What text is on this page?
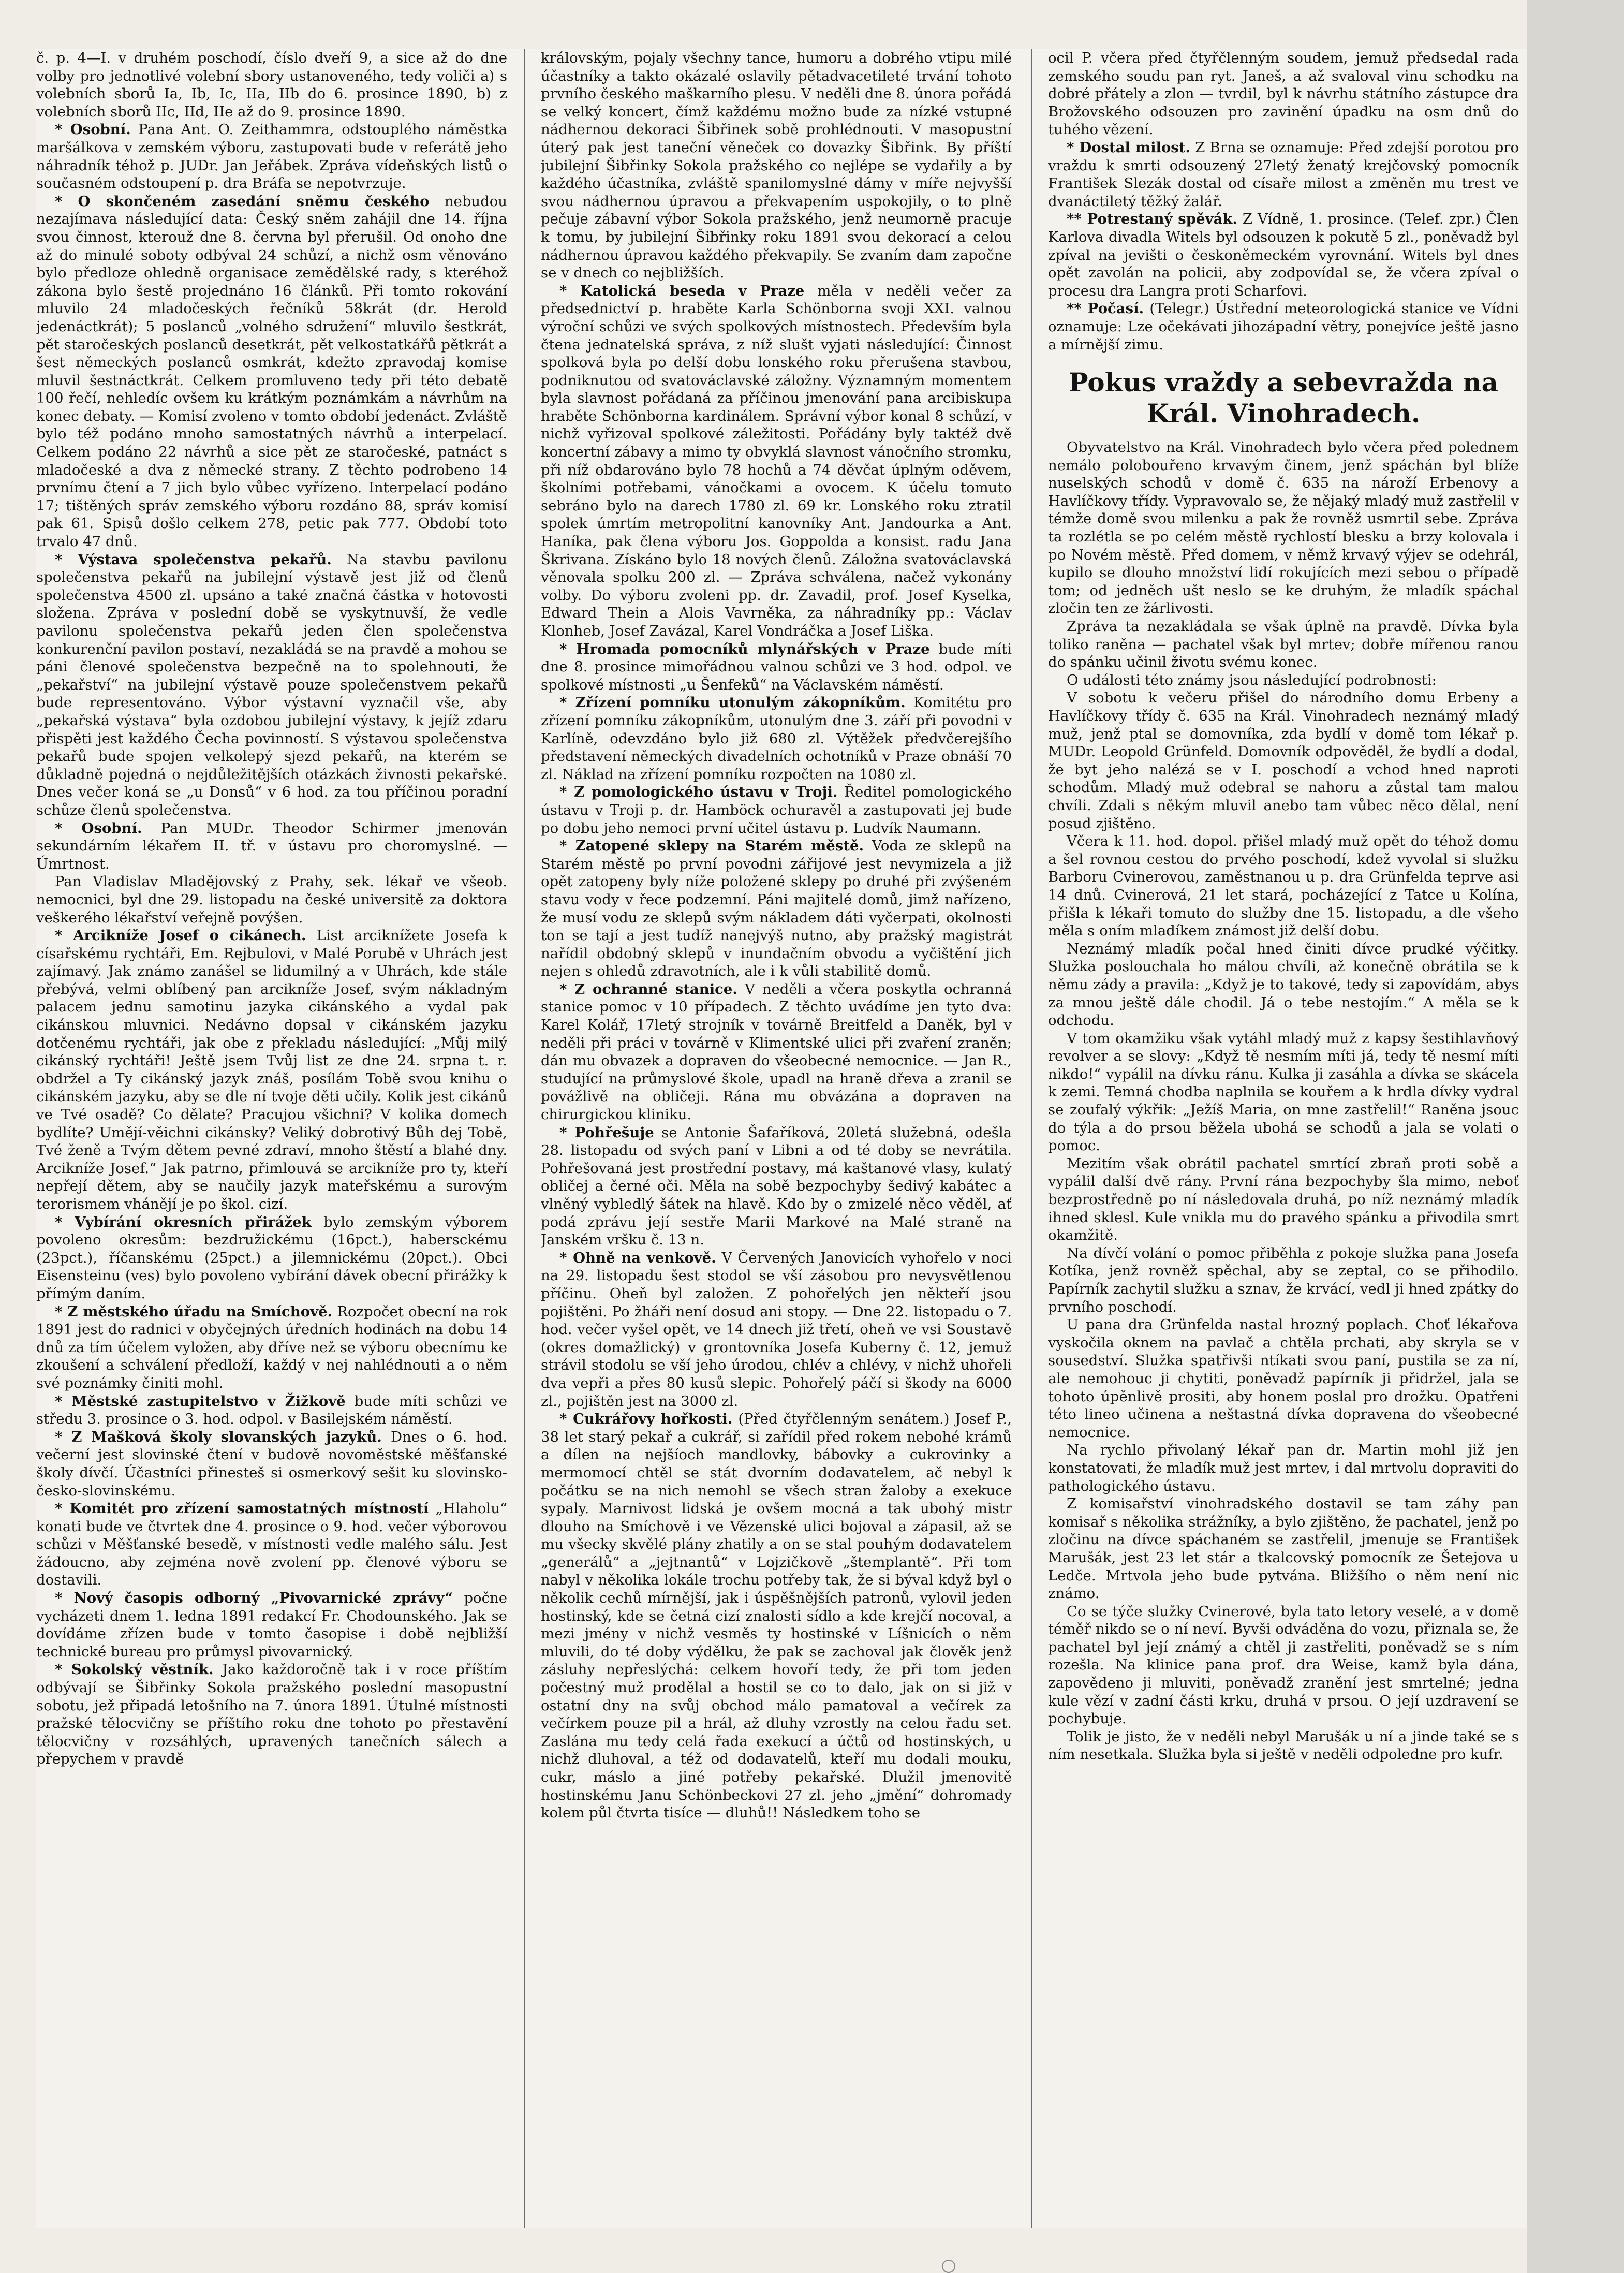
č. p. 4—I. v druhém poschodí, číslo dveří 9, a sice až do dne volby pro jednotlivé volební sbory ustanoveného, tedy voliči a) s volebních sborů Ia, Ib, Ic, IIa, IIb do 6. prosince 1890, b) z volebních sborů IIc, IId, IIe až do 9. prosince 1890.

* Osobní. Pana Ant. O. Zeithammra, odstouplého náměstka maršálkova v zemském výboru, zastupovati bude v referátě jeho náhradník téhož p. JUDr. Jan Jeřábek. Zpráva vídeňských listů o současném odstoupení p. dra Bráfa se nepotvrzuje.

* O skončeném zasedání sněmu českého nebudou nezajímava následující data: Český sněm zahájil dne 14. října svou činnost, kterouž dne 8. června byl přerušil. Od onoho dne až do minulé soboty odbýval 24 schůzí, a nichž osm věnováno bylo předloze ohledně organisace zemědělské rady, s kteréhož zákona bylo šestě projednáno 16 článků. Při tomto rokování mluvilo 24 mladočeských řečníků 58krát (dr. Herold jedenáctkrát); 5 poslanců „volného sdružení“ mluvilo šestkrát, pět staročeských poslanců desetkrát, pět velkostatkářů pětkrát a šest německých poslanců osmkrát, kdežto zpravodaj komise mluvil šestnáctkrát. Celkem promluveno tedy při této debatě 100 řečí, nehledíc ovšem ku krátkým poznámkám a návrhům na konec debaty. — Komisí zvoleno v tomto období jedenáct. Zvláště bylo též podáno mnoho samostatných návrhů a interpelací. Celkem podáno 22 návrhů a sice pět ze staročeské, patnáct s mladočeské a dva z německé strany. Z těchto podrobeno 14 prvnímu čtení a 7 jich bylo vůbec vyřízeno. Interpelací podáno 17; tištěných správ zemského výboru rozdáno 88, správ komisí pak 61. Spisů došlo celkem 278, petic pak 777. Období toto trvalo 47 dnů.

* Výstava společenstva pekařů. Na stavbu pavilonu společenstva pekařů na jubilejní výstavě jest již od členů společenstva 4500 zl. upsáno a také značná částka v hotovosti složena. Zpráva v poslední době se vyskytnuvší, že vedle pavilonu společenstva pekařů jeden člen společenstva konkurenční pavilon postaví, nezakládá se na pravdě a mohou se páni členové společenstva bezpečně na to spolehnouti, že „pekařství“ na jubilejní výstavě pouze společenstvem pekařů bude representováno. Výbor výstavní vyznačil vše, aby „pekařská výstava“ byla ozdobou jubilejní výstavy, k jejíž zdaru přispěti jest každého Čecha povinností. S výstavou společenstva pekařů bude spojen velkolepý sjezd pekařů, na kterém se důkladně pojedná o nejdůležitějších otázkách živnosti pekařské. Dnes večer koná se „u Donsů“ v 6 hod. za tou příčinou poradní schůze členů společenstva.

* Osobní. Pan MUDr. Theodor Schirmer jmenován sekundárním lékařem II. tř. v ústavu pro choromyslné. — Úmrtnost.

Pan Vladislav Mladějovský z Prahy, sek. lékař ve všeob. nemocnici, byl dne 29. listopadu na české universitě za doktora veškerého lékařství veřejně povýšen.

* Arcikníže Josef o cikánech. List arciknížete Josefa k císařskému rychtáři, Em. Rejbulovi, v Malé Porubě v Uhrách jest zajímavý. Jak známo zanášel se lidumilný a v Uhrách, kde stále přebývá, velmi oblíbený pan arcikníže Josef, svým nákladným palacem jednu samotinu jazyka cikánského a vydal pak cikánskou mluvnici. Nedávno dopsal v cikánském jazyku dotčenému rychtáři, jak obe z překladu následující: „Můj milý cikánský rychtáři! Ještě jsem Tvůj list ze dne 24. srpna t. r. obdržel a Ty cikánský jazyk znáš, posílám Tobě svou knihu o cikánském jazyku, aby se dle ní tvoje děti učily. Kolik jest cikánů ve Tvé osadě? Co dělate? Pracujou všichni? V kolika domech bydlíte? Umějí-věichni cikánsky? Veliký dobrotivý Bůh dej Tobě, Tvé ženě a Tvým dětem pevné zdraví, mnoho štěstí a blahé dny. Arcikníže Josef.“ Jak patrno, přimlouvá se arcikníže pro ty, kteří nepřejí dětem, aby se naučily jazyk mateřskému a surovým terorismem vhánějí je po škol. cizí.

* Vybírání okresních přirážek bylo zemským výborem povoleno okresům: bezdružickému (16pct.), habersckému (23pct.), říčanskému (25pct.) a jilemnickému (20pct.). Obci Eisensteinu (ves) bylo povoleno vybírání dávek obecní přirážky k přímým daním.

* Z městského úřadu na Smíchově. Rozpočet obecní na rok 1891 jest do radnici v obyčejných úředních hodinách na dobu 14 dnů za tím účelem vyložen, aby dříve než se výboru obecnímu ke zkoušení a schválení předloží, každý v nej nahlédnouti a o něm své poznámky činiti mohl.

* Městské zastupitelstvo v Žižkově bude míti schůzi ve středu 3. prosince o 3. hod. odpol. v Basilejském náměstí.

* Z Mašková školy slovanských jazyků. Dnes o 6. hod. večerní jest slovinské čtení v budově novoměstské měšťanské školy dívčí. Účastníci přinesteš si osmerkový sešit ku slovinsko-česko-slovinskému.

* Komitét pro zřízení samostatných místností „Hlaholu“ konati bude ve čtvrtek dne 4. prosince o 9. hod. večer výborovou schůzi v Měšťanské besedě, v místnosti vedle malého sálu. Jest žádoucno, aby zejména nově zvolení pp. členové výboru se dostavili.

* Nový časopis odborný „Pivovarnické zprávy“ počne vycházeti dnem 1. ledna 1891 redakcí Fr. Chodounského. Jak se dovídáme zřízen bude v tomto časopise i době nejbližší technické bureau pro průmysl pivovarnický.

* Sokolský věstník. Jako každoročně tak i v roce příštím odbývají se Šibřinky Sokola pražského poslední masopustní sobotu, jež připadá letošního na 7. února 1891. Útulné místnosti pražské tělocvičny se příštího roku dne tohoto po přestavění tělocvičny v rozsáhlých, upravených tanečních sálech a přepychem v pravdě

královským, pojaly všechny tance, humoru a dobrého vtipu milé účastníky a takto okázalé oslavily pětadvacetileté trvání tohoto prvního českého maškarního plesu. V neděli dne 8. února pořádá se velký koncert, čímž každému možno bude za nízké vstupné nádhernou dekoraci Šibřinek sobě prohlédnouti. V masopustní úterý pak jest taneční věneček co dovazky Šibřink. By příští jubilejní Šibřinky Sokola pražského co nejlépe se vydařily a by každého účastníka, zvláště spanilomyslné dámy v míře nejvyšší svou nádhernou úpravou a překvapením uspokojily, o to plně pečuje zábavní výbor Sokola pražského, jenž neumorně pracuje k tomu, by jubilejní Šibřinky roku 1891 svou dekorací a celou nádhernou úpravou každého překvapily. Se zvaním dam započne se v dnech co nejbližších.

* Katolická beseda v Praze měla v neděli večer za předsednictví p. hraběte Karla Schönborna svoji XXI. valnou výroční schůzi ve svých spolkových místnostech. Především byla čtena jednatelská správa, z níž slušt vyjati následující: Činnost spolková byla po delší dobu lonského roku přerušena stavbou, podniknutou od svatováclavské záložny. Významným momentem byla slavnost pořádaná za příčinou jmenování pana arcibiskupa hraběte Schönborna kardinálem. Správní výbor konal 8 schůzí, v nichž vyřizoval spolkové záležitosti. Pořádány byly taktéž dvě koncertní zábavy a mimo ty obvyklá slavnost vánočního stromku, při níž obdarováno bylo 78 hochů a 74 děvčat úplným oděvem, školními potřebami, vánočkami a ovocem. K účelu tomuto sebráno bylo na darech 1780 zl. 69 kr. Lonského roku ztratil spolek úmrtím metropolitní kanovníky Ant. Jandourka a Ant. Haníka, pak člena výboru Jos. Goppolda a konsist. radu Jana Škrivana. Získáno bylo 18 nových členů. Záložna svatováclavská věnovala spolku 200 zl. — Zpráva schválena, načež vykonány volby. Do výboru zvoleni pp. dr. Zavadil, prof. Josef Kyselka, Edward Thein a Alois Vavrněka, za náhradníky pp.: Václav Klonheb, Josef Zavázal, Karel Vondráčka a Josef Liška.

* Hromada pomocníků mlynářských v Praze bude míti dne 8. prosince mimořádnou valnou schůzi ve 3 hod. odpol. ve spolkové místnosti „u Šenfeků“ na Václavském náměstí.

* Zřízení pomníku utonulým zákopníkům. Komitétu pro zřízení pomníku zákopníkům, utonulým dne 3. září při povodni v Karlíně, odevzdáno bylo již 680 zl. Výtěžek předvčerejšího představení německých divadelních ochotníků v Praze obnáší 70 zl. Náklad na zřízení pomníku rozpočten na 1080 zl.

* Z pomologického ústavu v Troji. Ředitel pomologického ústavu v Troji p. dr. Hamböck ochuravěl a zastupovati jej bude po dobu jeho nemoci první učitel ústavu p. Ludvík Naumann.

* Zatopené sklepy na Starém městě. Voda ze sklepů na Starém městě po první povodni zářijové jest nevymizela a již opět zatopeny byly níže položené sklepy po druhé při zvýšeném stavu vody v řece podzemní. Páni majitelé domů, jimž nařízeno, že musí vodu ze sklepů svým nákladem dáti vyčerpati, okolnosti ton se tají a jest tudíž nanejvýš nutno, aby pražský magistrát nařídil obdobný sklepů v inundačním obvodu a vyčištění jich nejen s ohledů zdravotních, ale i k vůli stabilitě domů.

* Z ochranné stanice. V neděli a včera poskytla ochranná stanice pomoc v 10 případech. Z těchto uvádíme jen tyto dva: Karel Kolář, 17letý strojník v továrně Breitfeld a Daněk, byl v neděli při práci v továrně v Klimentské ulici při zvaření zraněn; dán mu obvazek a dopraven do všeobecné nemocnice. — Jan R., studující na průmyslové škole, upadl na hraně dřeva a zranil se povážlivě na obličeji. Rána mu obvázána a dopraven na chirurgickou kliniku.

* Pohřešuje se Antonie Šafaříková, 20letá služebná, odešla 28. listopadu od svých paní v Libni a od té doby se nevrátila. Pohřešovaná jest prostřední postavy, má kaštanové vlasy, kulatý obličej a černé oči. Měla na sobě bezpochyby šedivý kabátec a vlněný vybledlý šátek na hlavě. Kdo by o zmizelé něco věděl, ať podá zprávu její sestře Marii Markové na Malé straně na Janském vršku č. 13 n.

* Ohně na venkově. V Červených Janovicích vyhořelo v noci na 29. listopadu šest stodol se vší zásobou pro nevysvětlenou příčinu. Oheň byl založen. Z pohořelých jen někteří jsou pojištěni. Po žháři není dosud ani stopy. — Dne 22. listopadu o 7. hod. večer vyšel opět, ve 14 dnech již třetí, oheň ve vsi Soustavě (okres domažlický) v grontovníka Josefa Kuberny č. 12, jemuž strávil stodolu se vší jeho úrodou, chlév a chlévy, v nichž uhořeli dva vepři a přes 80 kusů slepic. Pohořelý páčí si škody na 6000 zl., pojištěn jest na 3000 zl.

* Cukrářovy hořkosti. (Před čtyřčlenným senátem.) Josef P., 38 let starý pekař a cukrář, si zařídil před rokem nebohé krámů a dílen na nejšíoch mandlovky, bábovky a cukrovinky a mermomocí chtěl se stát dvorním dodavatelem, ač nebyl k počátku se na nich nemohl se všech stran žaloby a exekuce sypaly. Marnivost lidská je ovšem mocná a tak ubohý mistr dlouho na Smíchově i ve Vězenské ulici bojoval a zápasil, až se mu všecky skvělé plány zhatily a on se stal pouhým dodavatelem „generálů“ a „jejtnantů“ v Lojzičkově „štemplantě“. Při tom nabyl v několika lokále trochu potřeby tak, že si býval když byl o několik cechů mírnější, jak i úspěšnějších patronů, vylovil jeden hostinský, kde se četná cizí znalosti sídlo a kde krejčí nocoval, a mezi jmény v nichž vesměs ty hostinské v Líšnicích o něm mluvili, do té doby výdělku, že pak se zachoval jak člověk jenž zásluhy nepřeslýchá: celkem hovoří tedy, že při tom jeden počestný muž prodělal a hostil se co to dalo, jak on si již v ostatní dny na svůj obchod málo pamatoval a večírek za večírkem pouze pil a hrál, až dluhy vzrostly na celou řadu set. Zaslána mu tedy celá řada exekucí a účtů od hostinských, u nichž dluhoval, a též od dodavatelů, kteří mu dodali mouku, cukr, máslo a jiné potřeby pekařské. Dlužil jmenovitě hostinskému Janu Schönbeckovi 27 zl. jeho „jmění“ dohromady kolem půl čtvrta tisíce — dluhů!! Následkem toho se

ocil P. včera před čtyřčlenným soudem, jemuž předsedal rada zemského soudu pan ryt. Janeš, a až svaloval vinu schodku na dobré přátely a zlon — tvrdil, byl k návrhu státního zástupce dra Brožovského odsouzen pro zavinění úpadku na osm dnů do tuhého vězení.

* Dostal milost. Z Brna se oznamuje: Před zdejší porotou pro vraždu k smrti odsouzený 27letý ženatý krejčovský pomocník František Slezák dostal od císaře milost a změněn mu trest ve dvanáctiletý těžký žalář.

** Potrestaný spěvák. Z Vídně, 1. prosince. (Telef. zpr.) Člen Karlova divadla Witels byl odsouzen k pokutě 5 zl., poněvadž byl zpíval na jevišti o českoněmeckém vyrovnání. Witels byl dnes opět zavolán na policii, aby zodpovídal se, že včera zpíval o procesu dra Langra proti Scharfovi.

** Počasí. (Telegr.) Ústřední meteorologická stanice ve Vídni oznamuje: Lze očekávati jihozápadní větry, ponejvíce ještě jasno a mírnější zimu.

Pokus vraždy a sebevražda na
Král. Vinohradech.

Obyvatelstvo na Král. Vinohradech bylo včera před polednem nemálo polobouřeno krvavým činem, jenž spáchán byl blíže nuselských schodů v domě č. 635 na nároží Erbenovy a Havlíčkovy třídy. Vypravovalo se, že nějaký mladý muž zastřelil v témže domě svou milenku a pak že rovněž usmrtil sebe. Zpráva ta rozlétla se po celém městě rychlostí blesku a brzy kolovala i po Novém městě. Před domem, v němž krvavý výjev se odehrál, kupilo se dlouho množství lidí rokujících mezi sebou o případě tom; od jedněch ušt neslo se ke druhým, že mladík spáchal zločin ten ze žárlivosti.

Zpráva ta nezakládala se však úplně na pravdě. Dívka byla toliko raněna — pachatel však byl mrtev; dobře mířenou ranou do spánku učinil životu svému konec.

O události této známy jsou následující podrobnosti:

V sobotu k večeru přišel do národního domu Erbeny a Havlíčkovy třídy č. 635 na Král. Vinohradech neznámý mladý muž, jenž ptal se domovníka, zda bydlí v domě tom lékař p. MUDr. Leopold Grünfeld. Domovník odpověděl, že bydlí a dodal, že byt jeho nalézá se v I. poschodí a vchod hned naproti schodům. Mladý muž odebral se nahoru a zůstal tam malou chvíli. Zdali s někým mluvil anebo tam vůbec něco dělal, není posud zjištěno.

Včera k 11. hod. dopol. přišel mladý muž opět do téhož domu a šel rovnou cestou do prvého poschodí, kdež vyvolal si služku Barboru Cvinerovou, zaměstnanou u p. dra Grünfelda teprve asi 14 dnů. Cvinerová, 21 let stará, pocházející z Tatce u Kolína, přišla k lékaři tomuto do služby dne 15. listopadu, a dle všeho měla s oním mladíkem známost již delší dobu.

Neznámý mladík počal hned činiti dívce prudké výčitky. Služka poslouchala ho málou chvíli, až konečně obrátila se k němu zády a pravila: „Když je to takové, tedy si zapovídám, abys za mnou ještě dále chodil. Já o tebe nestojím.“ A měla se k odchodu.

V tom okamžiku však vytáhl mladý muž z kapsy šestihlavňový revolver a se slovy: „Když tě nesmím míti já, tedy tě nesmí míti nikdo!“ vypálil na dívku ránu. Kulka ji zasáhla a dívka se skácela k zemi. Temná chodba naplnila se kouřem a k hrdla dívky vydral se zoufalý výkřik: „Ježíš Maria, on mne zastřelil!“ Raněna jsouc do týla a do prsou běžela ubohá se schodů a jala se volati o pomoc.

Mezitím však obrátil pachatel smrtící zbraň proti sobě a vypálil další dvě rány. První rána bezpochyby šla mimo, neboť bezprostředně po ní následovala druhá, po níž neznámý mladík ihned sklesl. Kule vnikla mu do pravého spánku a přivodila smrt okamžitě.

Na dívčí volání o pomoc přiběhla z pokoje služka pana Josefa Kotíka, jenž rovněž spěchal, aby se zeptal, co se přihodilo. Papírník zachytil služku a sznav, že krvácí, vedl ji hned zpátky do prvního poschodí.

U pana dra Grünfelda nastal hrozný poplach. Choť lékařova vyskočila oknem na pavlač a chtěla prchati, aby skryla se v sousedství. Služka spatřivši ntíkati svou paní, pustila se za ní, ale nemohouc ji chytiti, poněvadž papírník ji přidržel, jala se tohoto úpěnlivě prositi, aby honem poslal pro drožku. Opatřeni této lineo učinena a neštastná dívka dopravena do všeobecné nemocnice.

Na rychlo přivolaný lékař pan dr. Martin mohl již jen konstatovati, že mladík muž jest mrtev, i dal mrtvolu dopraviti do pathologického ústavu.

Z komisařství vinohradského dostavil se tam záhy pan komisař s několika strážníky, a bylo zjištěno, že pachatel, jenž po zločinu na dívce spáchaném se zastřelil, jmenuje se František Marušák, jest 23 let stár a tkalcovský pomocník ze Šetejova u Ledče. Mrtvola jeho bude pytvána. Bližšího o něm není nic známo.

Co se týče služky Cvinerové, byla tato letory veselé, a v domě téměř nikdo se o ní neví. Byvši odváděna do vozu, přiznala se, že pachatel byl její známý a chtěl ji zastřeliti, poněvadž se s ním rozešla. Na klinice pana prof. dra Weise, kamž byla dána, zapovědeno ji mluviti, poněvadž zranění jest smrtelné; jedna kule vězí v zadní části krku, druhá v prsou. O její uzdravení se pochybuje.

Tolik je jisto, že v neděli nebyl Marušák u ní a jinde také se s ním nesetkala. Služka byla si ještě v neděli odpoledne pro kufr.
